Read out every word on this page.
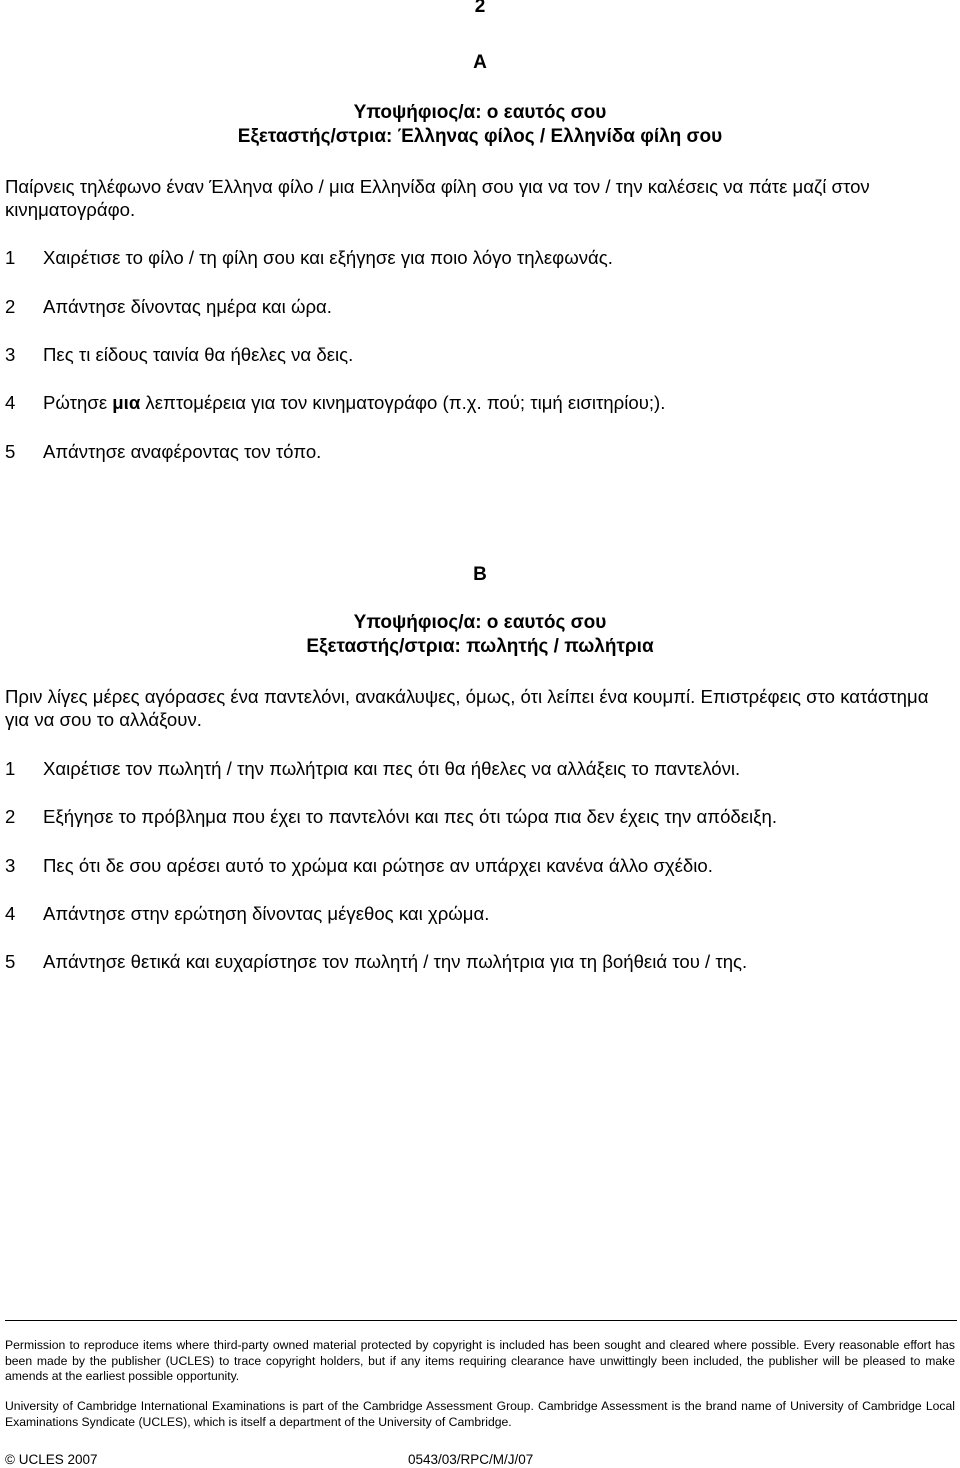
2
A
Υποψήφιος/α: ο εαυτός σου
Εξεταστής/στρια: Έλληνας φίλος / Ελληνίδα φίλη σου
Παίρνεις τηλέφωνο έναν Έλληνα φίλο / μια Ελληνίδα φίλη σου για να τον / την καλέσεις να πάτε μαζί στον κινηματογράφο.
1 Χαιρέτισε το φίλο / τη φίλη σου και εξήγησε για ποιο λόγο τηλεφωνάς.
2 Απάντησε δίνοντας ημέρα και ώρα.
3 Πες τι είδους ταινία θα ήθελες να δεις.
4 Ρώτησε μια λεπτομέρεια για τον κινηματογράφο (π.χ. πού; τιμή εισιτηρίου;).
5 Απάντησε αναφέροντας τον τόπο.
B
Υποψήφιος/α: ο εαυτός σου
Εξεταστής/στρια: πωλητής / πωλήτρια
Πριν λίγες μέρες αγόρασες ένα παντελόνι, ανακάλυψες, όμως, ότι λείπει ένα κουμπί. Επιστρέφεις στο κατάστημα για να σου το αλλάξουν.
1 Χαιρέτισε τον πωλητή / την πωλήτρια και πες ότι θα ήθελες να αλλάξεις το παντελόνι.
2 Εξήγησε το πρόβλημα που έχει το παντελόνι και πες ότι τώρα πια δεν έχεις την απόδειξη.
3 Πες ότι δε σου αρέσει αυτό το χρώμα και ρώτησε αν υπάρχει κανένα άλλο σχέδιο.
4 Απάντησε στην ερώτηση δίνοντας μέγεθος και χρώμα.
5 Απάντησε θετικά και ευχαρίστησε τον πωλητή / την πωλήτρια για τη βοήθειά του / της.
Permission to reproduce items where third-party owned material protected by copyright is included has been sought and cleared where possible. Every reasonable effort has been made by the publisher (UCLES) to trace copyright holders, but if any items requiring clearance have unwittingly been included, the publisher will be pleased to make amends at the earliest possible opportunity.
University of Cambridge International Examinations is part of the Cambridge Assessment Group. Cambridge Assessment is the brand name of University of Cambridge Local Examinations Syndicate (UCLES), which is itself a department of the University of Cambridge.
© UCLES 2007	0543/03/RPC/M/J/07
